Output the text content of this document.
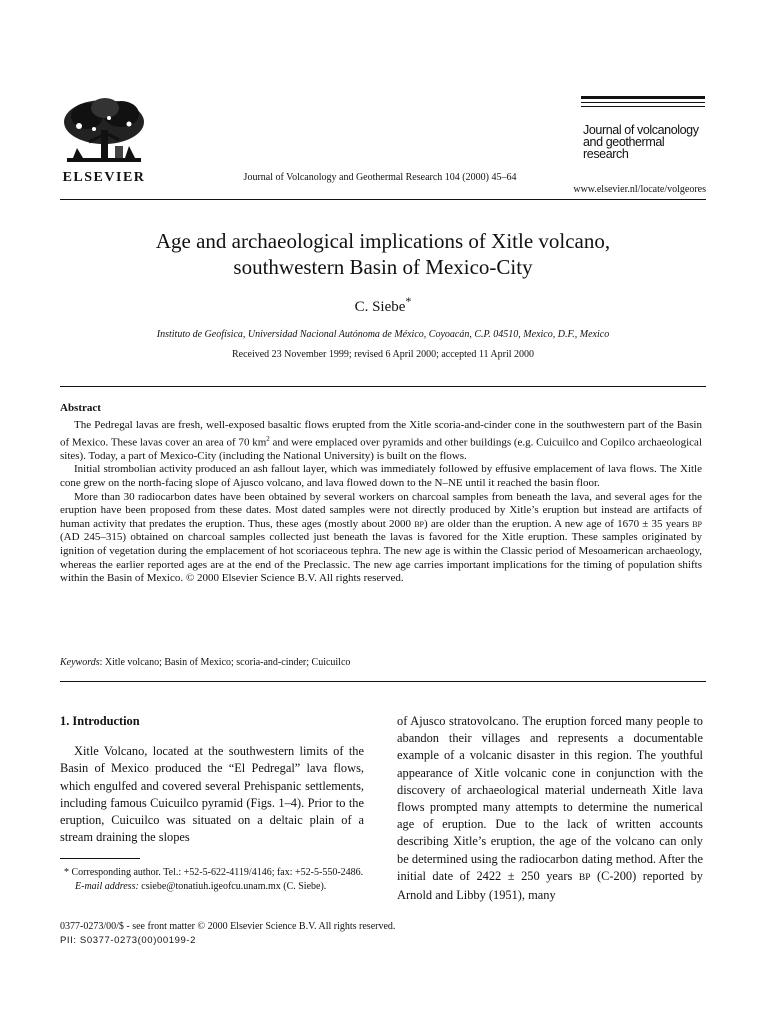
ELSEVIER	Journal of Volcanology and Geothermal Research 104 (2000) 45–64
Journal of volcanology
and geothermal research
www.elsevier.nl/locate/volgeores
Age and archaeological implications of Xitle volcano,
southwestern Basin of Mexico-City
C. Siebe*
Instituto de Geofísica, Universidad Nacional Autónoma de México, Coyoacán, C.P. 04510, Mexico, D.F., Mexico
Received 23 November 1999; revised 6 April 2000; accepted 11 April 2000
Abstract

The Pedregal lavas are fresh, well-exposed basaltic flows erupted from the Xitle scoria-and-cinder cone in the southwestern part of the Basin of Mexico. These lavas cover an area of 70 $km^2$ and were emplaced over pyramids and other buildings (e.g. Cuicuilco and Copilco archaeological sites). Today, a part of Mexico-City (including the National University) is built on the flows.

Initial strombolian activity produced an ash fallout layer, which was immediately followed by effusive emplacement of lava flows. The Xitle cone grew on the north-facing slope of Ajusco volcano, and lava flowed down to the N–NE until it reached the basin floor.

More than 30 radiocarbon dates have been obtained by several workers on charcoal samples from beneath the lava, and several ages for the eruption have been proposed from these dates. Most dated samples were not directly produced by Xitle’s eruption but instead are artifacts of human activity that predates the eruption. Thus, these ages (mostly about 2000 BP) are older than the eruption. A new age of 1670 ± 35 years BP (AD 245–315) obtained on charcoal samples collected just beneath the lavas is favored for the Xitle eruption. These samples originated by ignition of vegetation during the emplacement of hot scoriaceous tephra. The new age is within the Classic period of Mesoamerican archaeology, whereas the earlier reported ages are at the end of the Preclassic. The new age carries important implications for the timing of population shifts within the Basin of Mexico. © 2000 Elsevier Science B.V. All rights reserved.

Keywords: Xitle volcano; Basin of Mexico; scoria-and-cinder; Cuicuilco
1. Introduction

Xitle Volcano, located at the southwestern limits of the Basin of Mexico produced the “El Pedregal” lava flows, which engulfed and covered several Prehispanic settlements, including famous Cuicuilco pyramid (Figs. 1–4). Prior to the eruption, Cuicuilco was situated on a deltaic plain of a stream draining the slopes

of Ajusco stratovolcano. The eruption forced many people to abandon their villages and represents a documentable example of a volcanic disaster in this region. The youthful appearance of Xitle volcanic cone in conjunction with the discovery of archaeological material underneath Xitle lava flows prompted many attempts to determine the numerical age of eruption. Due to the lack of written accounts describing Xitle’s eruption, the age of the volcano can only be determined using the radiocarbon dating method. After the initial date of 2422 ± 250 years BP (C-200) reported by Arnold and Libby (1951), many

* Corresponding author. Tel.: +52-5-622-4119/4146; fax: +52-5-550-2486.
E-mail address: csiebe@tonatiuh.igeofcu.unam.mx (C. Siebe).
0377-0273/00/$ - see front matter © 2000 Elsevier Science B.V. All rights reserved.
PII: S0377-0273(00)00199-2
